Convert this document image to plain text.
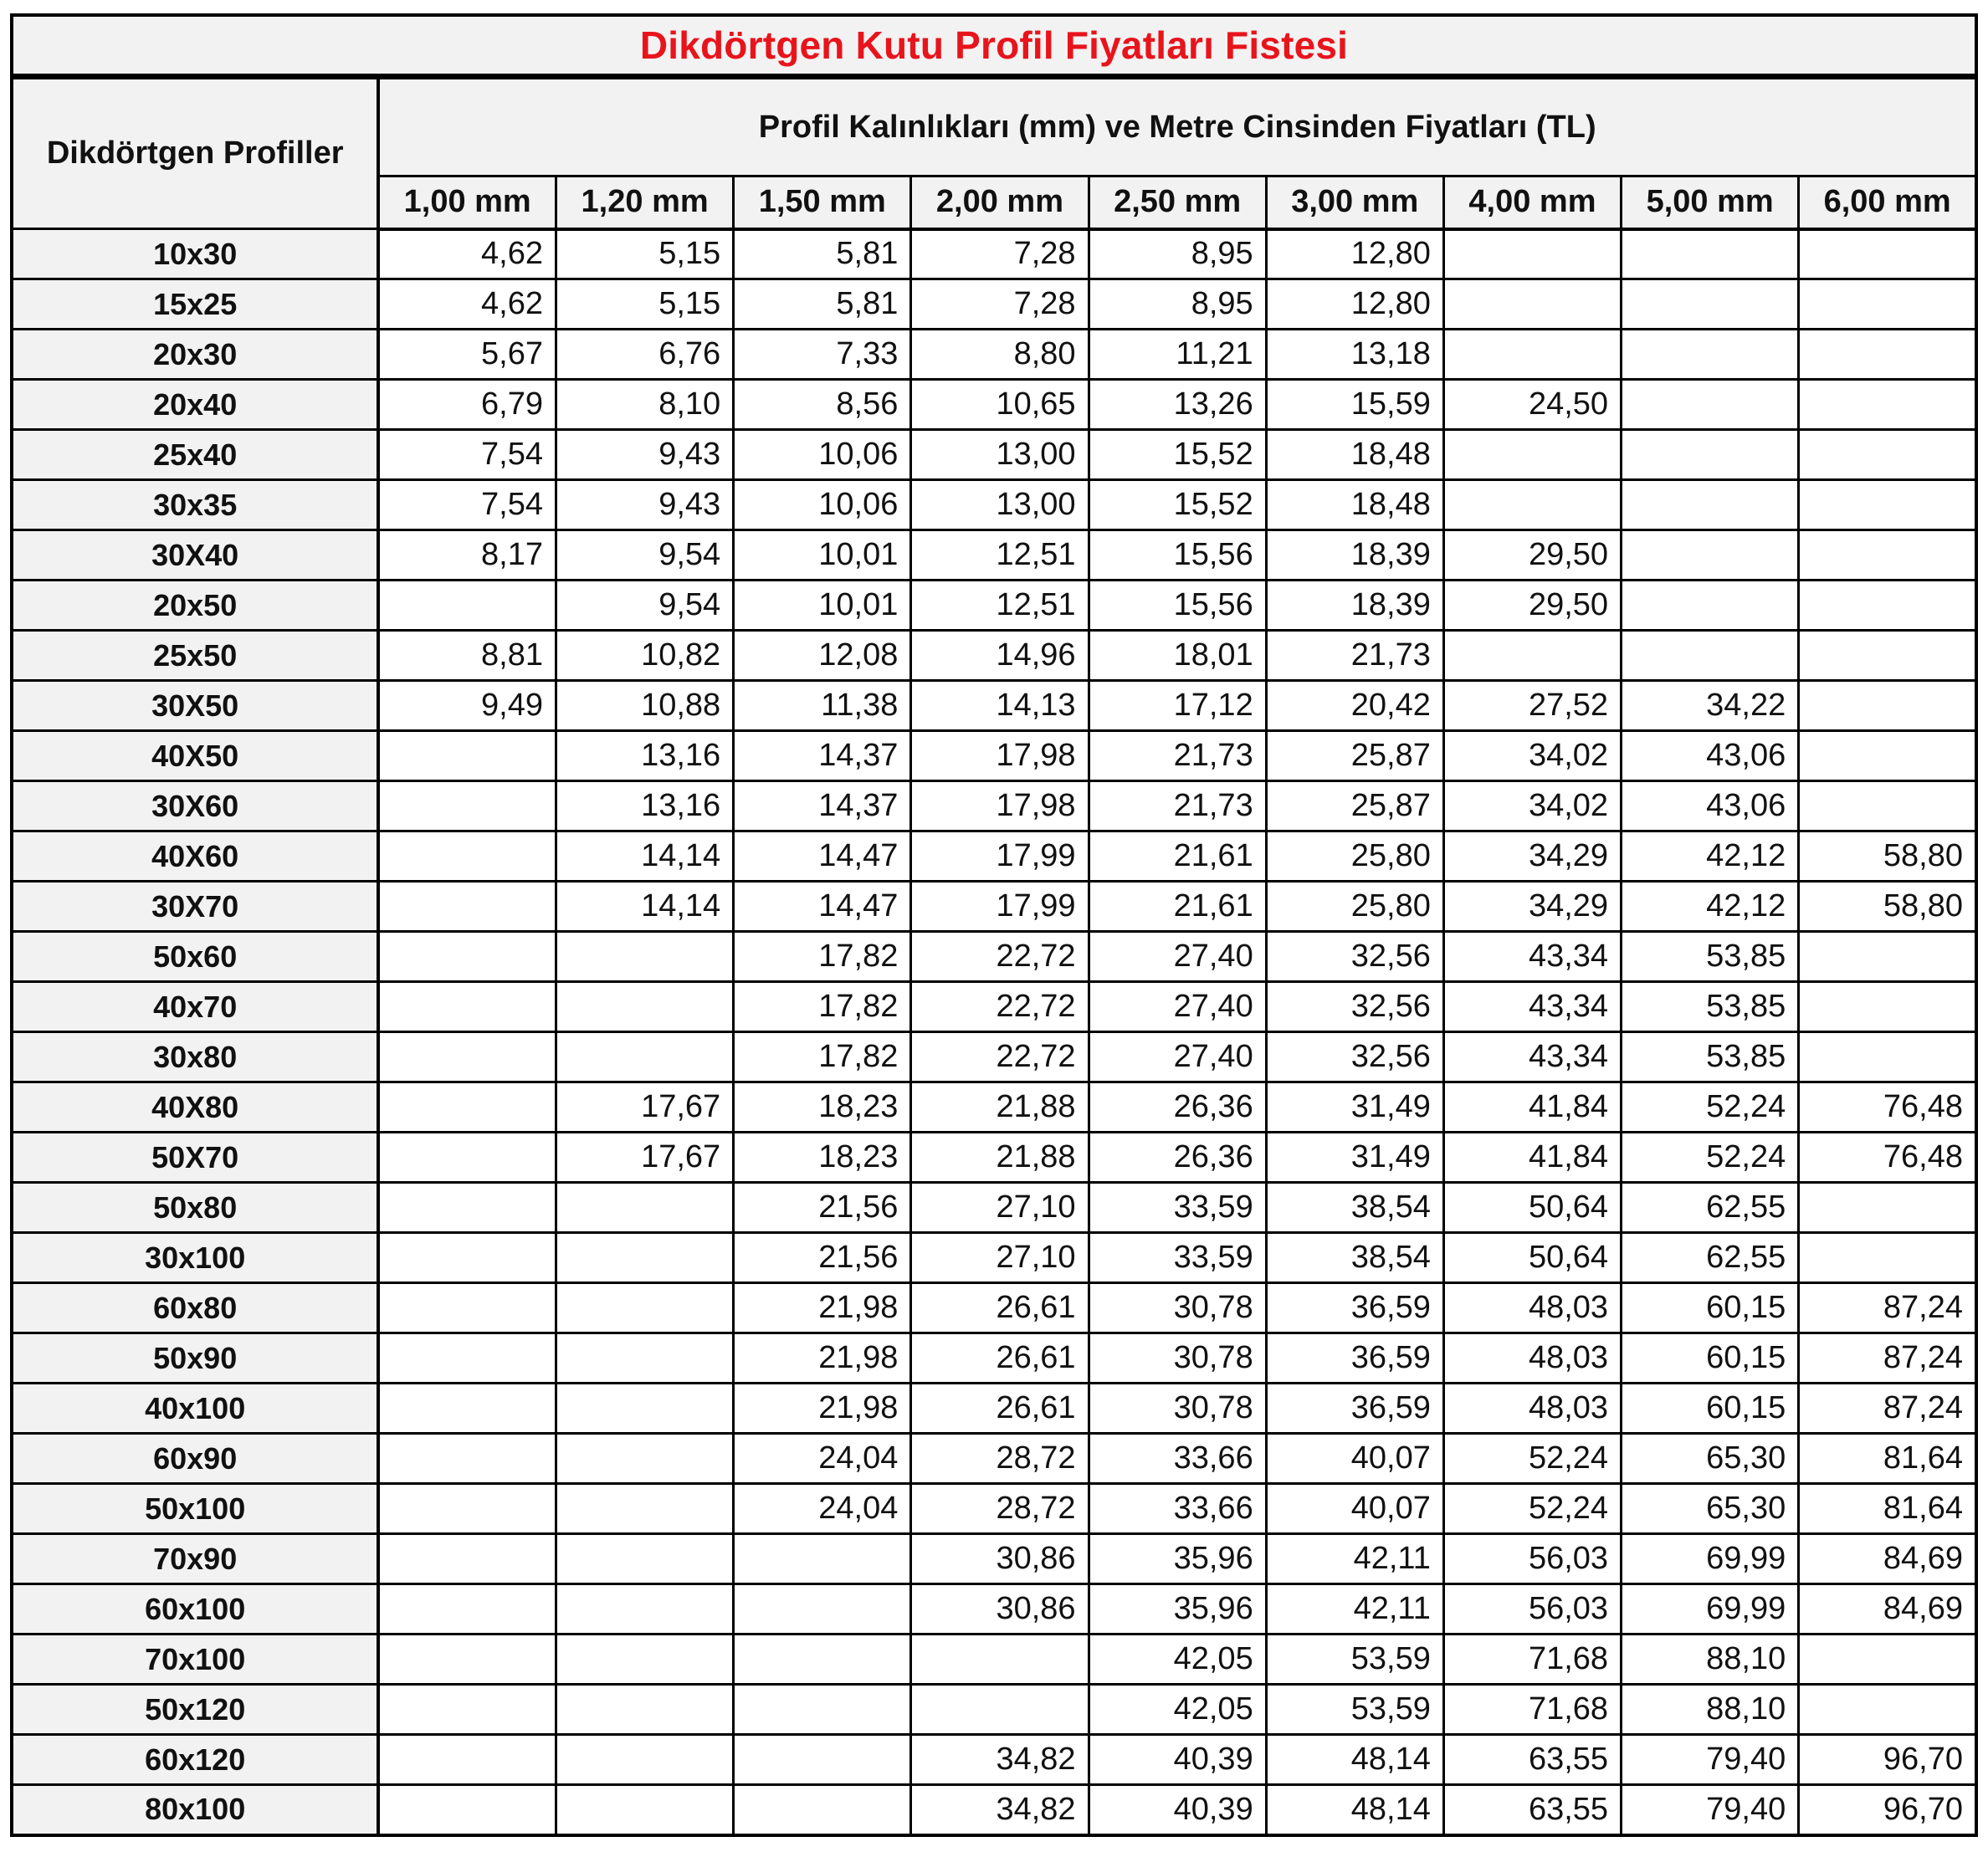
Dikdörtgen Kutu Profil Fiyatları Fistesi
Dikdörtgen Profiller	Profil Kalınlıkları (mm) ve Metre Cinsinden Fiyatları (TL)								
	1,00 mm	1,20 mm	1,50 mm	2,00 mm	2,50 mm	3,00 mm	4,00 mm	5,00 mm	6,00 mm
10x30	4,62	5,15	5,81	7,28	8,95	12,80			
15x25	4,62	5,15	5,81	7,28	8,95	12,80			
20x30	5,67	6,76	7,33	8,80	11,21	13,18			
20x40	6,79	8,10	8,56	10,65	13,26	15,59	24,50		
25x40	7,54	9,43	10,06	13,00	15,52	18,48			
30x35	7,54	9,43	10,06	13,00	15,52	18,48			
30X40	8,17	9,54	10,01	12,51	15,56	18,39	29,50		
20x50		9,54	10,01	12,51	15,56	18,39	29,50		
25x50	8,81	10,82	12,08	14,96	18,01	21,73			
30X50	9,49	10,88	11,38	14,13	17,12	20,42	27,52	34,22	
40X50		13,16	14,37	17,98	21,73	25,87	34,02	43,06	
30X60		13,16	14,37	17,98	21,73	25,87	34,02	43,06	
40X60		14,14	14,47	17,99	21,61	25,80	34,29	42,12	58,80
30X70		14,14	14,47	17,99	21,61	25,80	34,29	42,12	58,80
50x60			17,82	22,72	27,40	32,56	43,34	53,85	
40x70			17,82	22,72	27,40	32,56	43,34	53,85	
30x80			17,82	22,72	27,40	32,56	43,34	53,85	
40X80		17,67	18,23	21,88	26,36	31,49	41,84	52,24	76,48
50X70		17,67	18,23	21,88	26,36	31,49	41,84	52,24	76,48
50x80			21,56	27,10	33,59	38,54	50,64	62,55	
30x100			21,56	27,10	33,59	38,54	50,64	62,55	
60x80			21,98	26,61	30,78	36,59	48,03	60,15	87,24
50x90			21,98	26,61	30,78	36,59	48,03	60,15	87,24
40x100			21,98	26,61	30,78	36,59	48,03	60,15	87,24
60x90			24,04	28,72	33,66	40,07	52,24	65,30	81,64
50x100			24,04	28,72	33,66	40,07	52,24	65,30	81,64
70x90				30,86	35,96	42,11	56,03	69,99	84,69
60x100				30,86	35,96	42,11	56,03	69,99	84,69
70x100					42,05	53,59	71,68	88,10	
50x120					42,05	53,59	71,68	88,10	
60x120				34,82	40,39	48,14	63,55	79,40	96,70
80x100				34,82	40,39	48,14	63,55	79,40	96,70
